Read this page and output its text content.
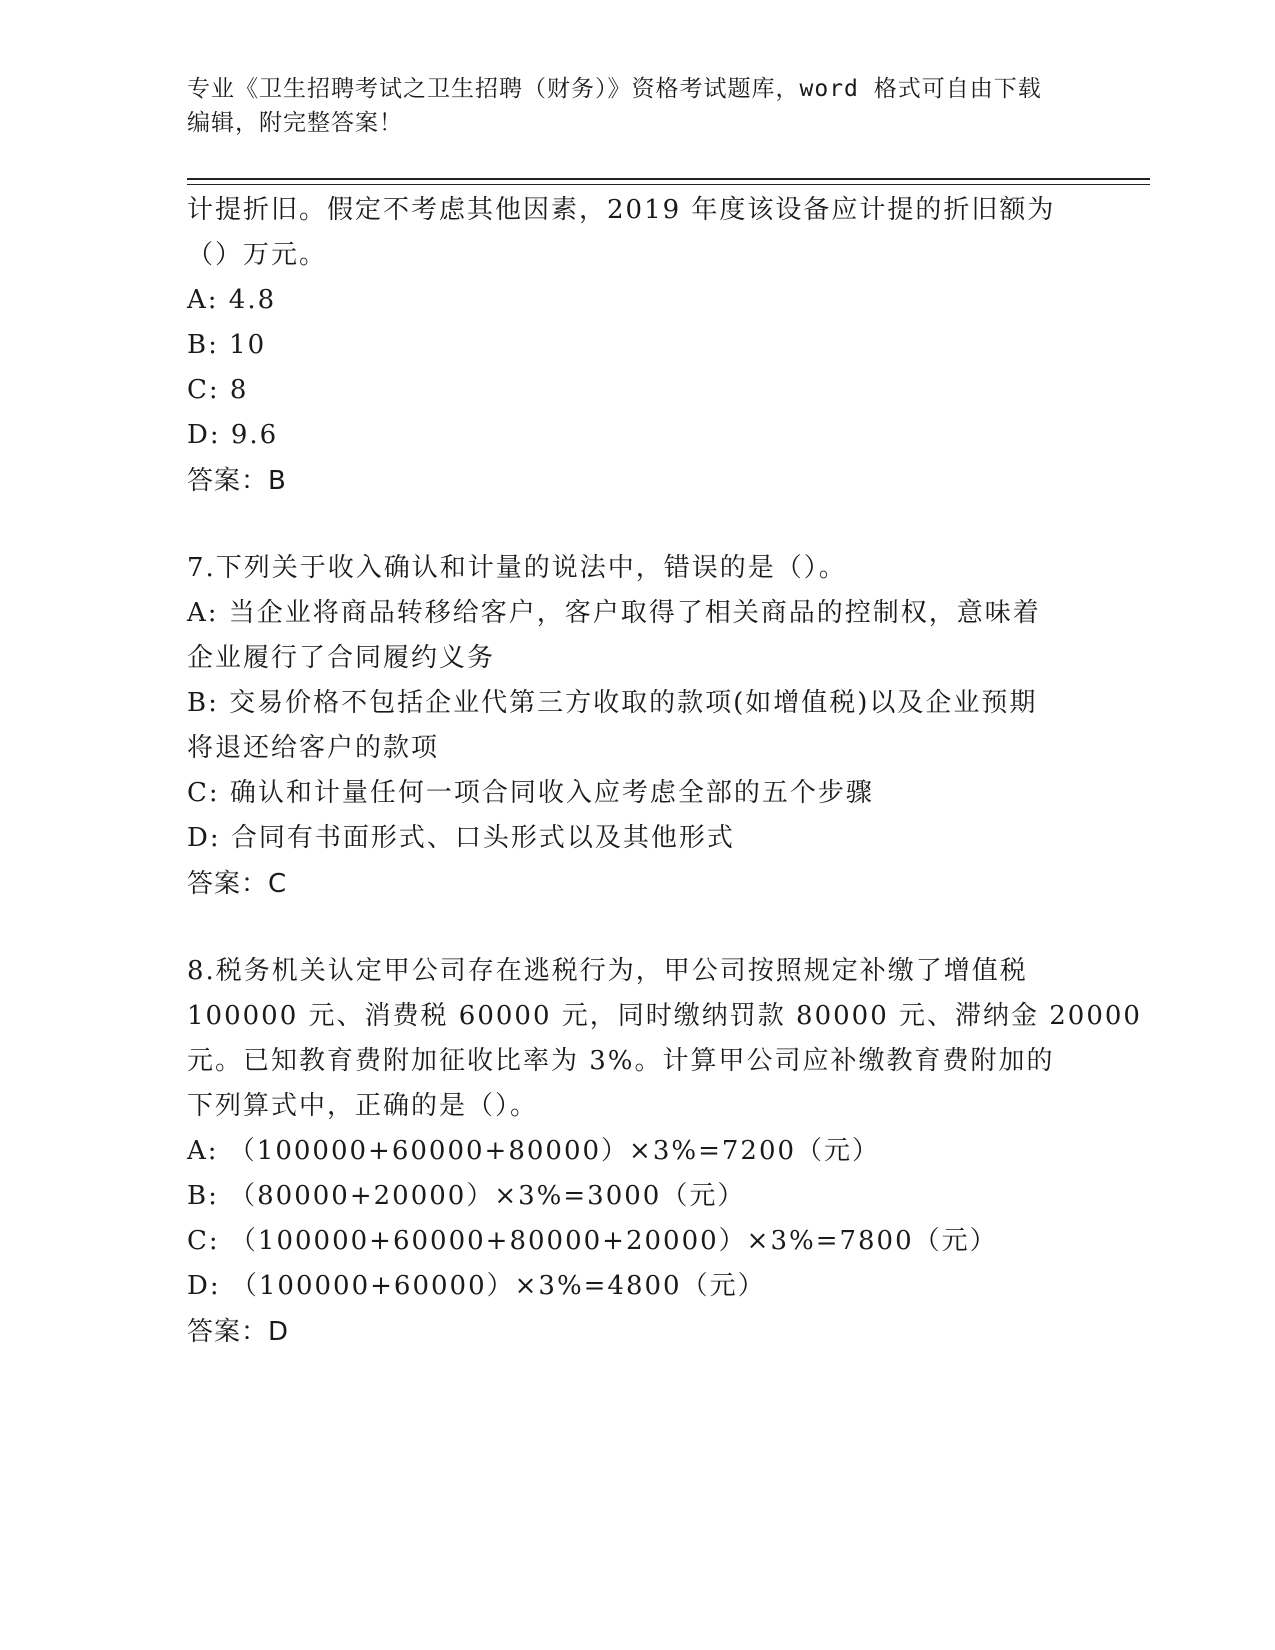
专业《卫生招聘考试之卫生招聘（财务）》资格考试题库，word 格式可自由下载
编辑，附完整答案！
计提折旧。假定不考虑其他因素，2019 年度该设备应计提的折旧额为
（）万元。
A: 4.8
B: 10
C: 8
D: 9.6
答案：B
7.下列关于收入确认和计量的说法中，错误的是（）。
A: 当企业将商品转移给客户，客户取得了相关商品的控制权，意味着
企业履行了合同履约义务
B: 交易价格不包括企业代第三方收取的款项(如增值税)以及企业预期
将退还给客户的款项
C: 确认和计量任何一项合同收入应考虑全部的五个步骤
D: 合同有书面形式、口头形式以及其他形式
答案：C
8.税务机关认定甲公司存在逃税行为，甲公司按照规定补缴了增值税
100000 元、消费税 60000 元，同时缴纳罚款 80000 元、滞纳金 20000
元。已知教育费附加征收比率为 3%。计算甲公司应补缴教育费附加的
下列算式中，正确的是（）。
A: （100000+60000+80000）×3%=7200（元）
B: （80000+20000）×3%=3000（元）
C: （100000+60000+80000+20000）×3%=7800（元）
D: （100000+60000）×3%=4800（元）
答案：D
